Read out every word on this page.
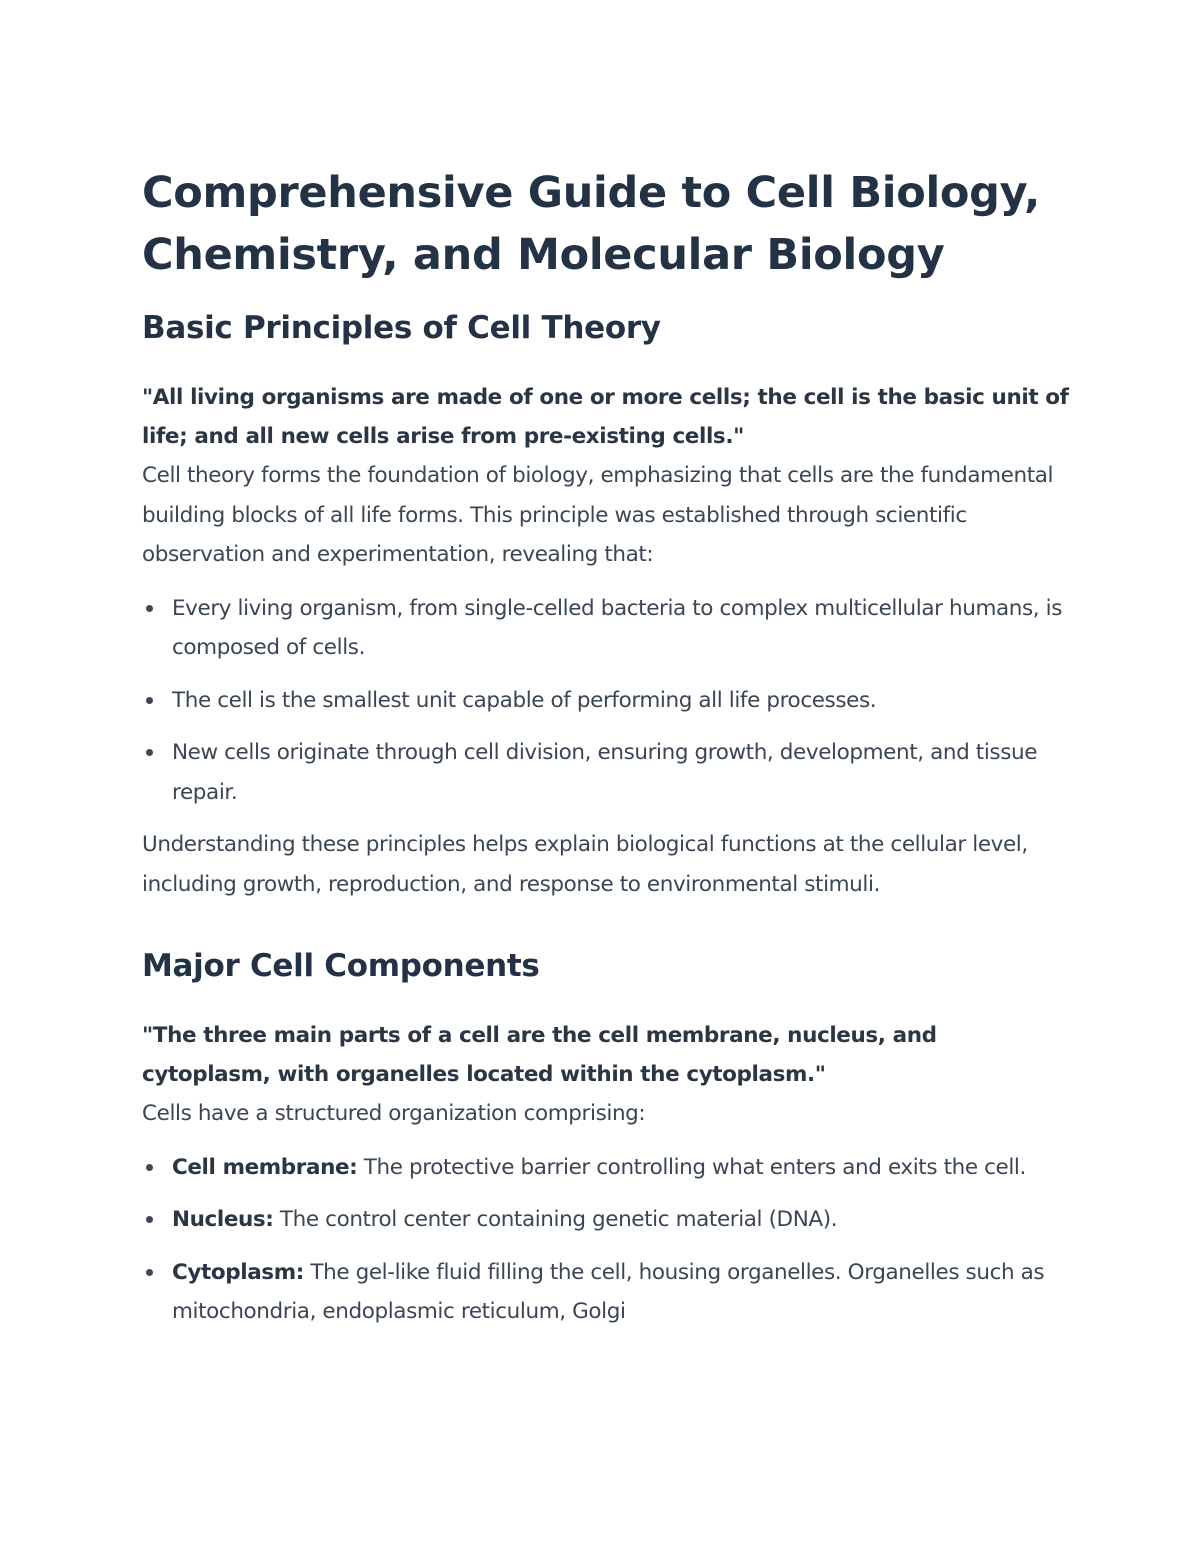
Comprehensive Guide to Cell Biology, Chemistry, and Molecular Biology
Basic Principles of Cell Theory

"All living organisms are made of one or more cells; the cell is the basic unit of life; and all new cells arise from pre-existing cells."

Cell theory forms the foundation of biology, emphasizing that cells are the fundamental building blocks of all life forms. This principle was established through scientific observation and experimentation, revealing that:

Every living organism, from single-celled bacteria to complex multicellular humans, is composed of cells.
The cell is the smallest unit capable of performing all life processes.
New cells originate through cell division, ensuring growth, development, and tissue repair.

Understanding these principles helps explain biological functions at the cellular level, including growth, reproduction, and response to environmental stimuli.

Major Cell Components

"The three main parts of a cell are the cell membrane, nucleus, and cytoplasm, with organelles located within the cytoplasm."

Cells have a structured organization comprising:

Cell membrane: The protective barrier controlling what enters and exits the cell.
Nucleus: The control center containing genetic material (DNA).
Cytoplasm: The gel-like fluid filling the cell, housing organelles. Organelles such as mitochondria, endoplasmic reticulum, Golgi
